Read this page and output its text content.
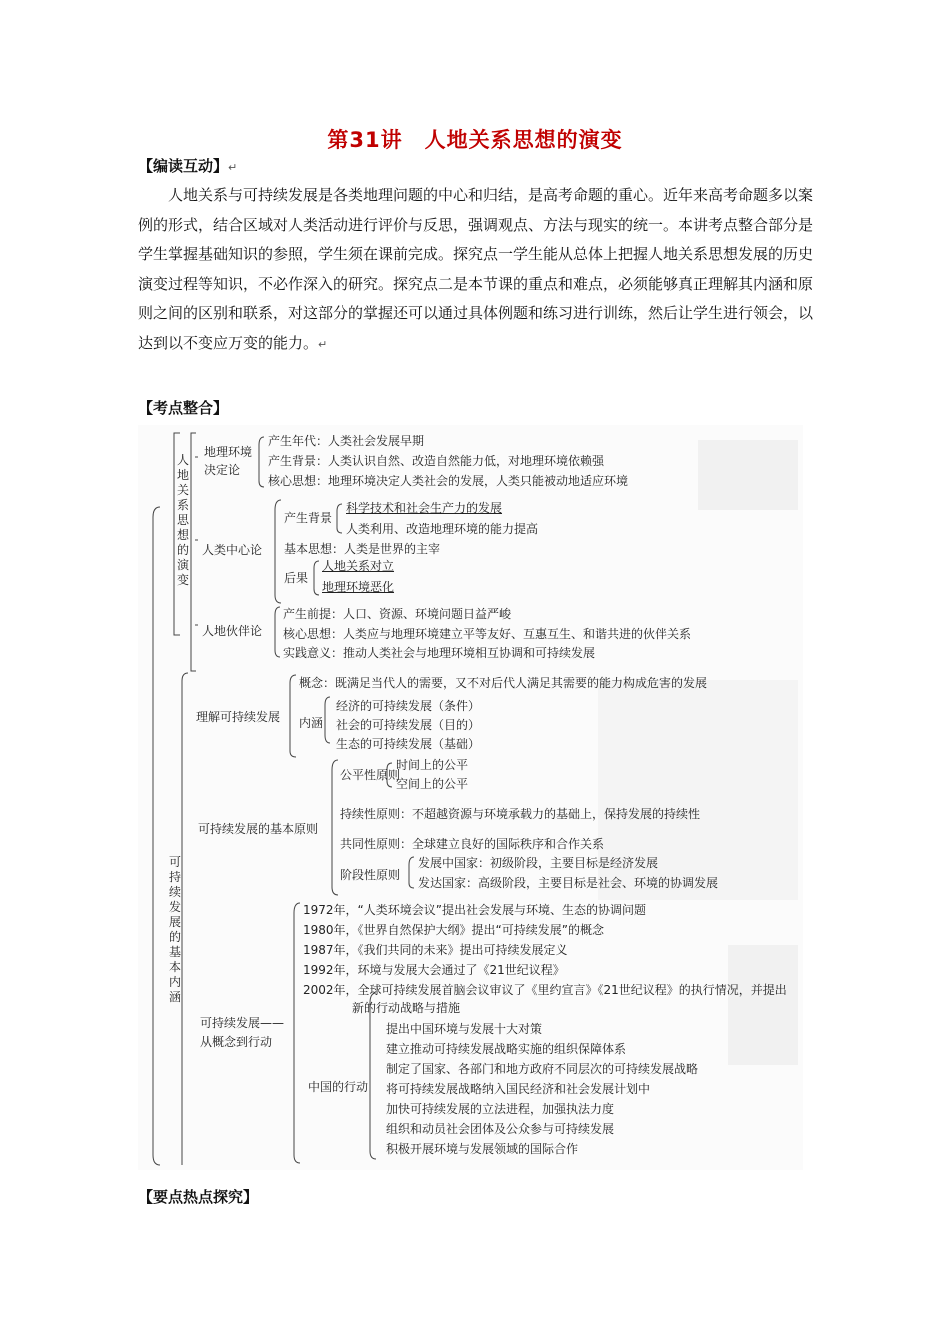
第31讲 人地关系思想的演变
【编读互动】↵

人地关系与可持续发展是各类地理问题的中心和归结，是高考命题的重心。近年来高考命题多以案例的形式，结合区域对人类活动进行评价与反思，强调观点、方法与现实的统一。本讲考点整合部分是学生掌握基础知识的参照，学生须在课前完成。探究点一学生能从总体上把握人地关系思想发展的历史演变过程等知识，不必作深入的研究。探究点二是本节课的重点和难点，必须能够真正理解其内涵和原则之间的区别和联系，对这部分的掌握还可以通过具体例题和练习进行训练，然后让学生进行领会，以达到以不变应万变的能力。↵

【考点整合】
人地关系思想的演变
可持续发展的基本内涵
地理环境
决定论
产生年代：人类社会发展早期
产生背景：人类认识自然、改造自然能力低，对地理环境依赖强
核心思想：地理环境决定人类社会的发展，人类只能被动地适应环境
人类中心论
产生背景
科学技术和社会生产力的发展
人类利用、改造地理环境的能力提高
基本思想：人类是世界的主宰
后果
人地关系对立
地理环境恶化
人地伙伴论
产生前提：人口、资源、环境问题日益严峻
核心思想：人类应与地理环境建立平等友好、互惠互生、和谐共进的伙伴关系
实践意义：推动人类社会与地理环境相互协调和可持续发展
理解可持续发展
概念：既满足当代人的需要，又不对后代人满足其需要的能力构成危害的发展
内涵
经济的可持续发展（条件）
社会的可持续发展（目的）
生态的可持续发展（基础）
可持续发展的基本原则
公平性原则
时间上的公平
空间上的公平
持续性原则：不超越资源与环境承载力的基础上，保持发展的持续性
共同性原则：全球建立良好的国际秩序和合作关系
阶段性原则
发展中国家：初级阶段，主要目标是经济发展
发达国家：高级阶段，主要目标是社会、环境的协调发展
可持续发展——
从概念到行动
1972年，“人类环境会议”提出社会发展与环境、生态的协调问题
1980年，《世界自然保护大纲》提出“可持续发展”的概念
1987年，《我们共同的未来》提出可持续发展定义
1992年，环境与发展大会通过了《21世纪议程》
2002年，全球可持续发展首脑会议审议了《里约宣言》《21世纪议程》的执行情况，并提出
新的行动战略与措施
中国的行动
提出中国环境与发展十大对策
建立推动可持续发展战略实施的组织保障体系
制定了国家、各部门和地方政府不同层次的可持续发展战略
将可持续发展战略纳入国民经济和社会发展计划中
加快可持续发展的立法进程，加强执法力度
组织和动员社会团体及公众参与可持续发展
积极开展环境与发展领域的国际合作
【要点热点探究】
